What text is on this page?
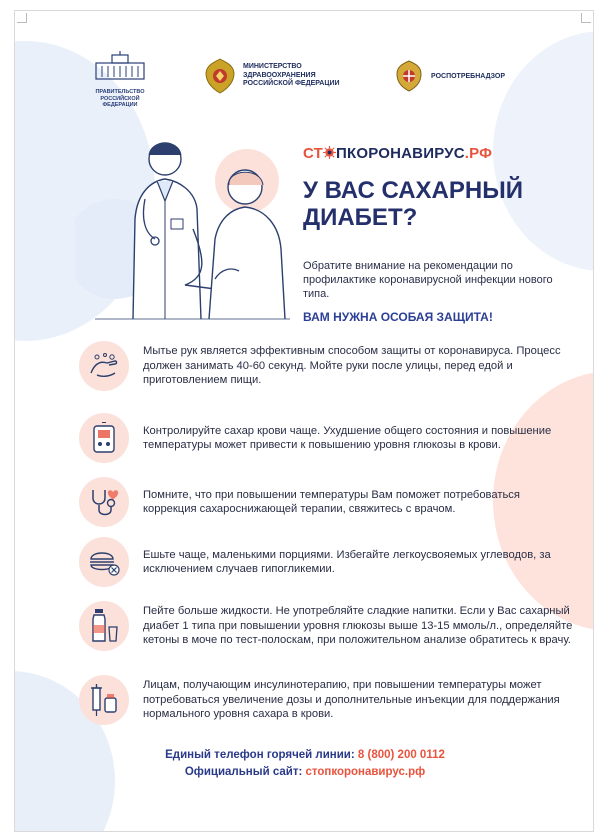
ПРАВИТЕЛЬСТВО РОССИЙСКОЙ ФЕДЕРАЦИИ
МИНИСТЕРСТВО
ЗДРАВООХРАНЕНИЯ
РОССИЙСКОЙ ФЕДЕРАЦИИ
РОСПОТРЕБНАДЗОР
СТ ПКОРОНАВИРУС.РФ
У ВАС САХАРНЫЙ ДИАБЕТ?
Обратите внимание на рекомендации по профилактике коронавирусной инфекции нового типа.
ВАМ НУЖНА ОСОБАЯ ЗАЩИТА!
Мытье рук является эффективным способом защиты от коронавируса. Процесс должен занимать 40-60 секунд. Мойте руки после улицы, перед едой и приготовлением пищи.
Контролируйте сахар крови чаще. Ухудшение общего состояния и повышение температуры может привести к повышению уровня глюкозы в крови.
Помните, что при повышении температуры Вам поможет потребоваться коррекция сахароснижающей терапии, свяжитесь с врачом.
Ешьте чаще, маленькими порциями. Избегайте легкоусвояемых углеводов, за исключением случаев гипогликемии.
Пейте больше жидкости. Не употребляйте сладкие напитки. Если у Вас сахарный диабет 1 типа при повышении уровня глюкозы выше 13-15 ммоль/л., определяйте кетоны в моче по тест-полоскам, при положительном анализе обратитесь к врачу.
Лицам, получающим инсулинотерапию, при повышении температуры может потребоваться увеличение дозы и дополнительные инъекции для поддержания нормального уровня сахара в крови.
Единый телефон горячей линии: 8 (800) 200 0112
Официальный сайт: стопкоронавирус.рф
